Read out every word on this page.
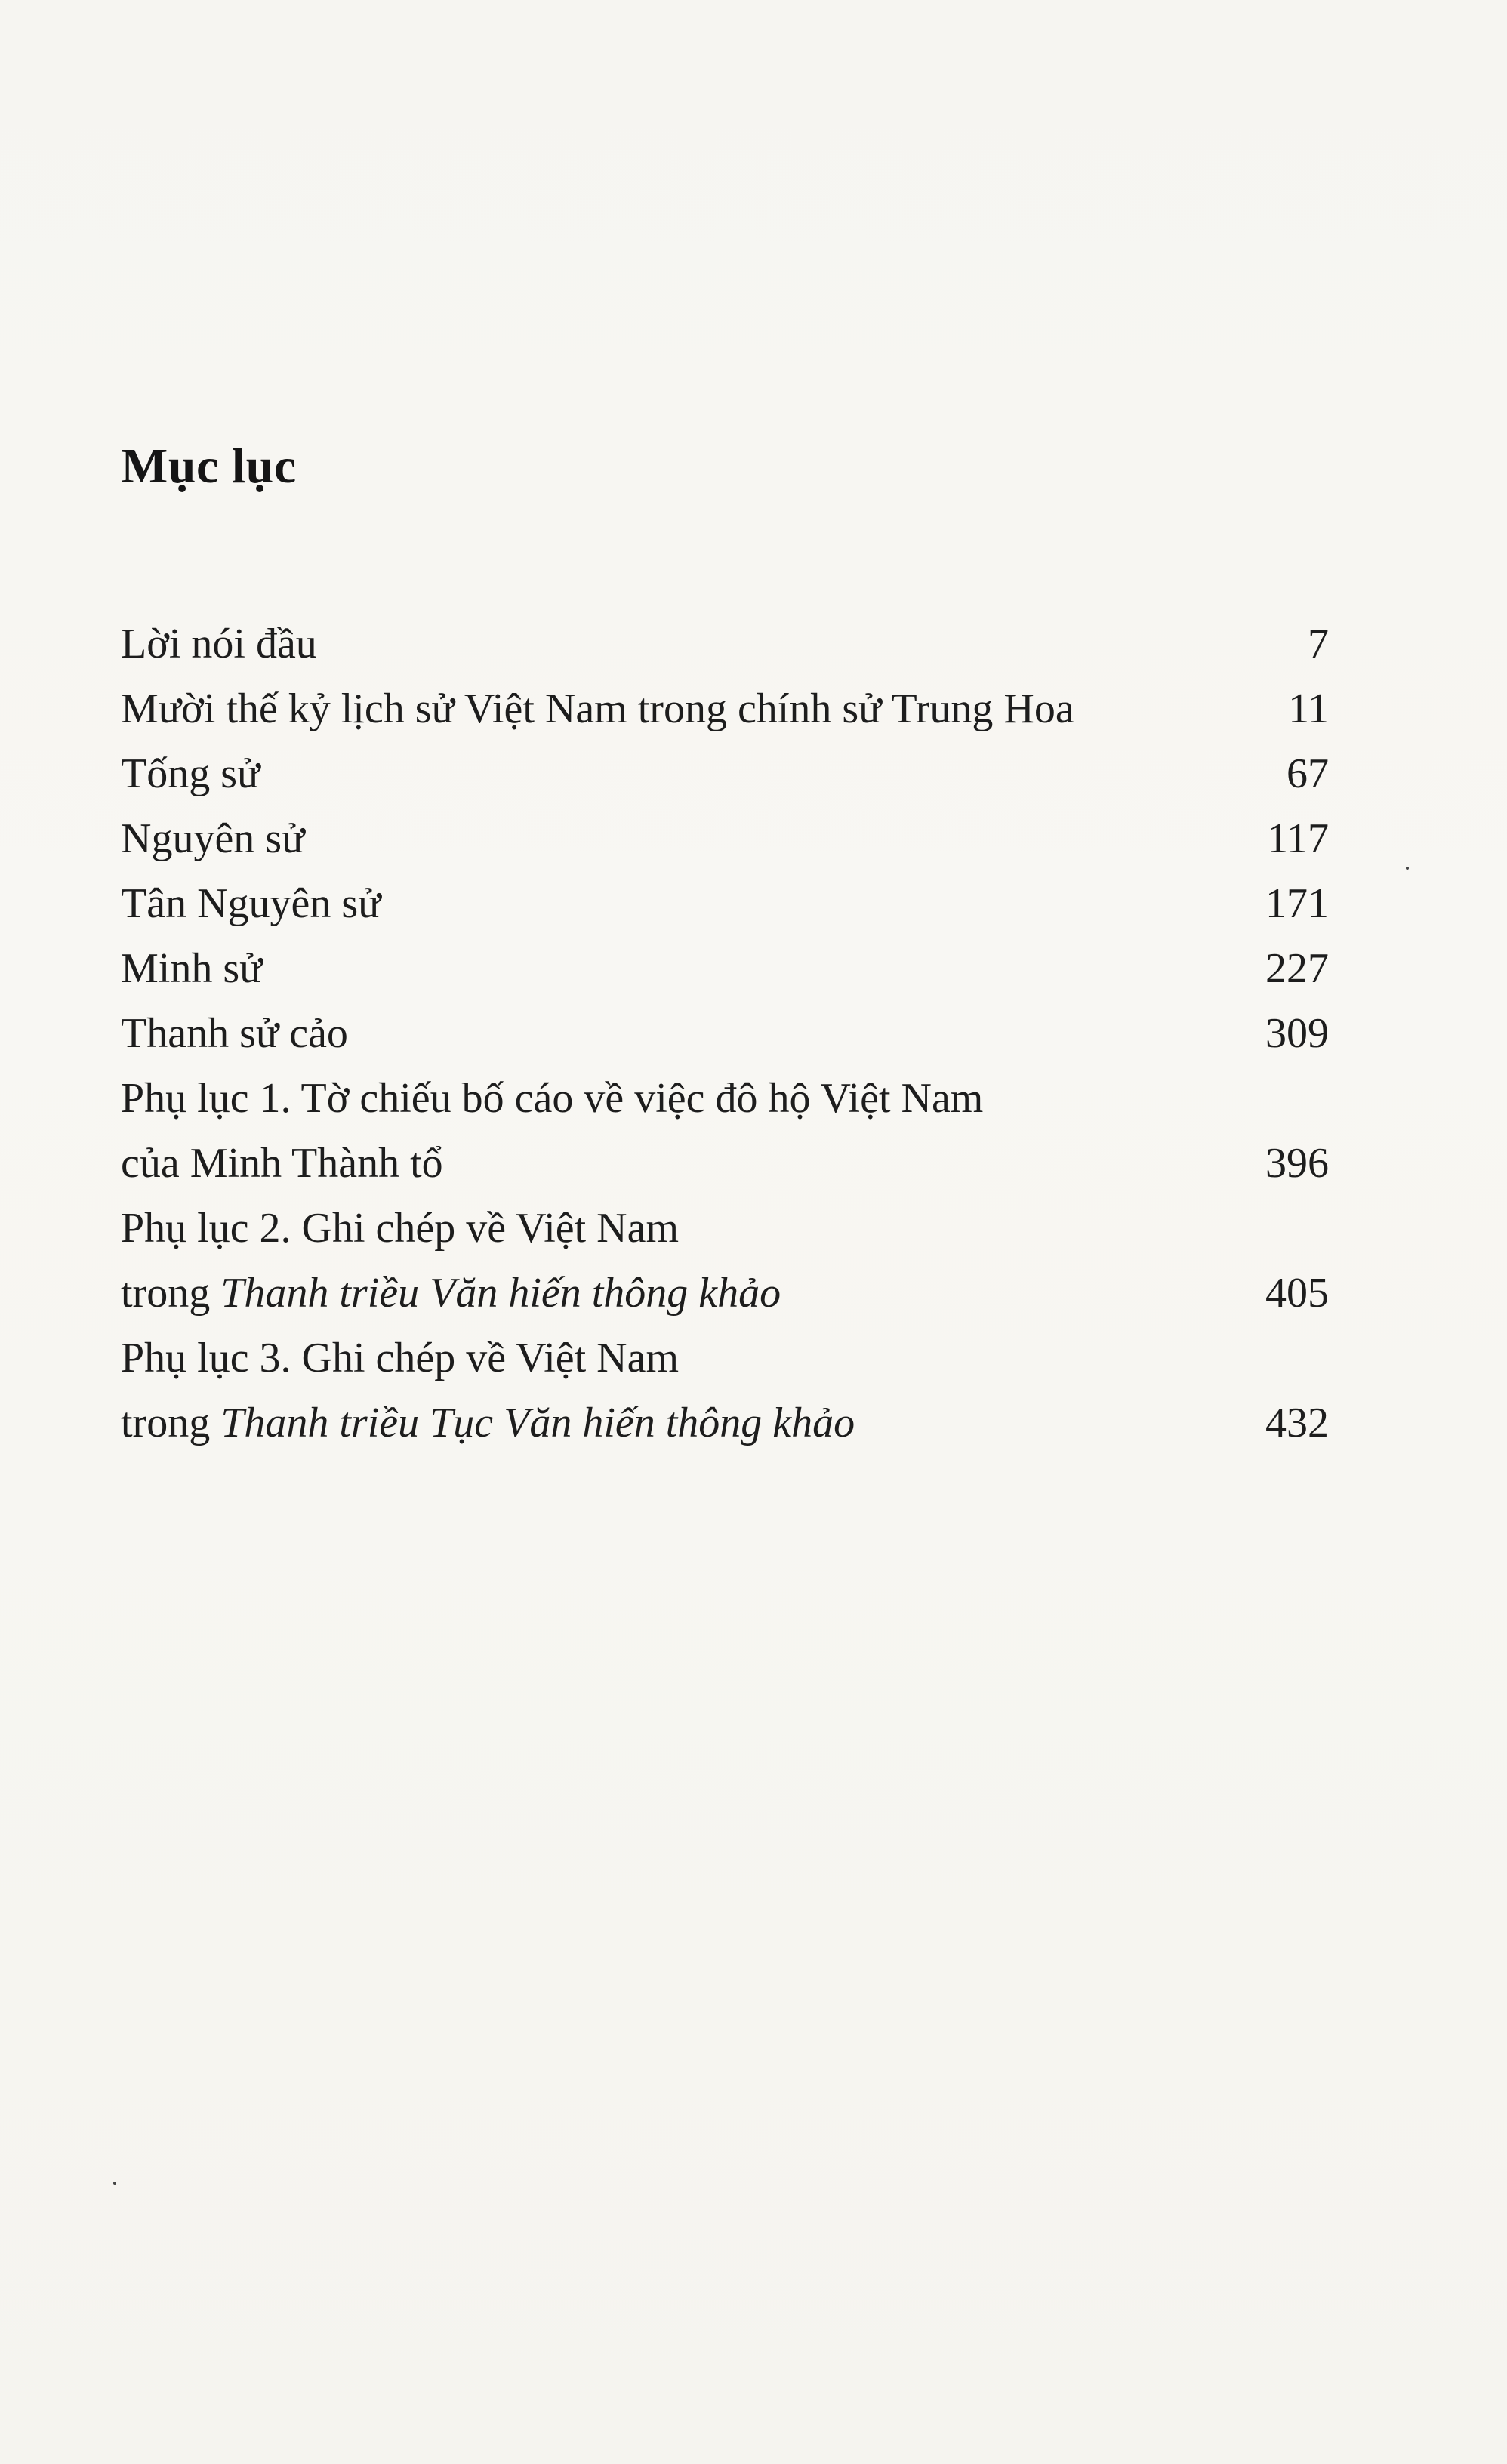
Mục lục
Lời nói đầu	7
Mười thế kỷ lịch sử Việt Nam trong chính sử Trung Hoa	11
Tống sử	67
Nguyên sử	117
Tân Nguyên sử	171
Minh sử	227
Thanh sử cảo	309
Phụ lục 1. Tờ chiếu bố cáo về việc đô hộ Việt Nam
của Minh Thành tổ	396
Phụ lục 2. Ghi chép về Việt Nam
trong Thanh triều Văn hiến thông khảo	405
Phụ lục 3. Ghi chép về Việt Nam
trong Thanh triều Tục Văn hiến thông khảo	432
